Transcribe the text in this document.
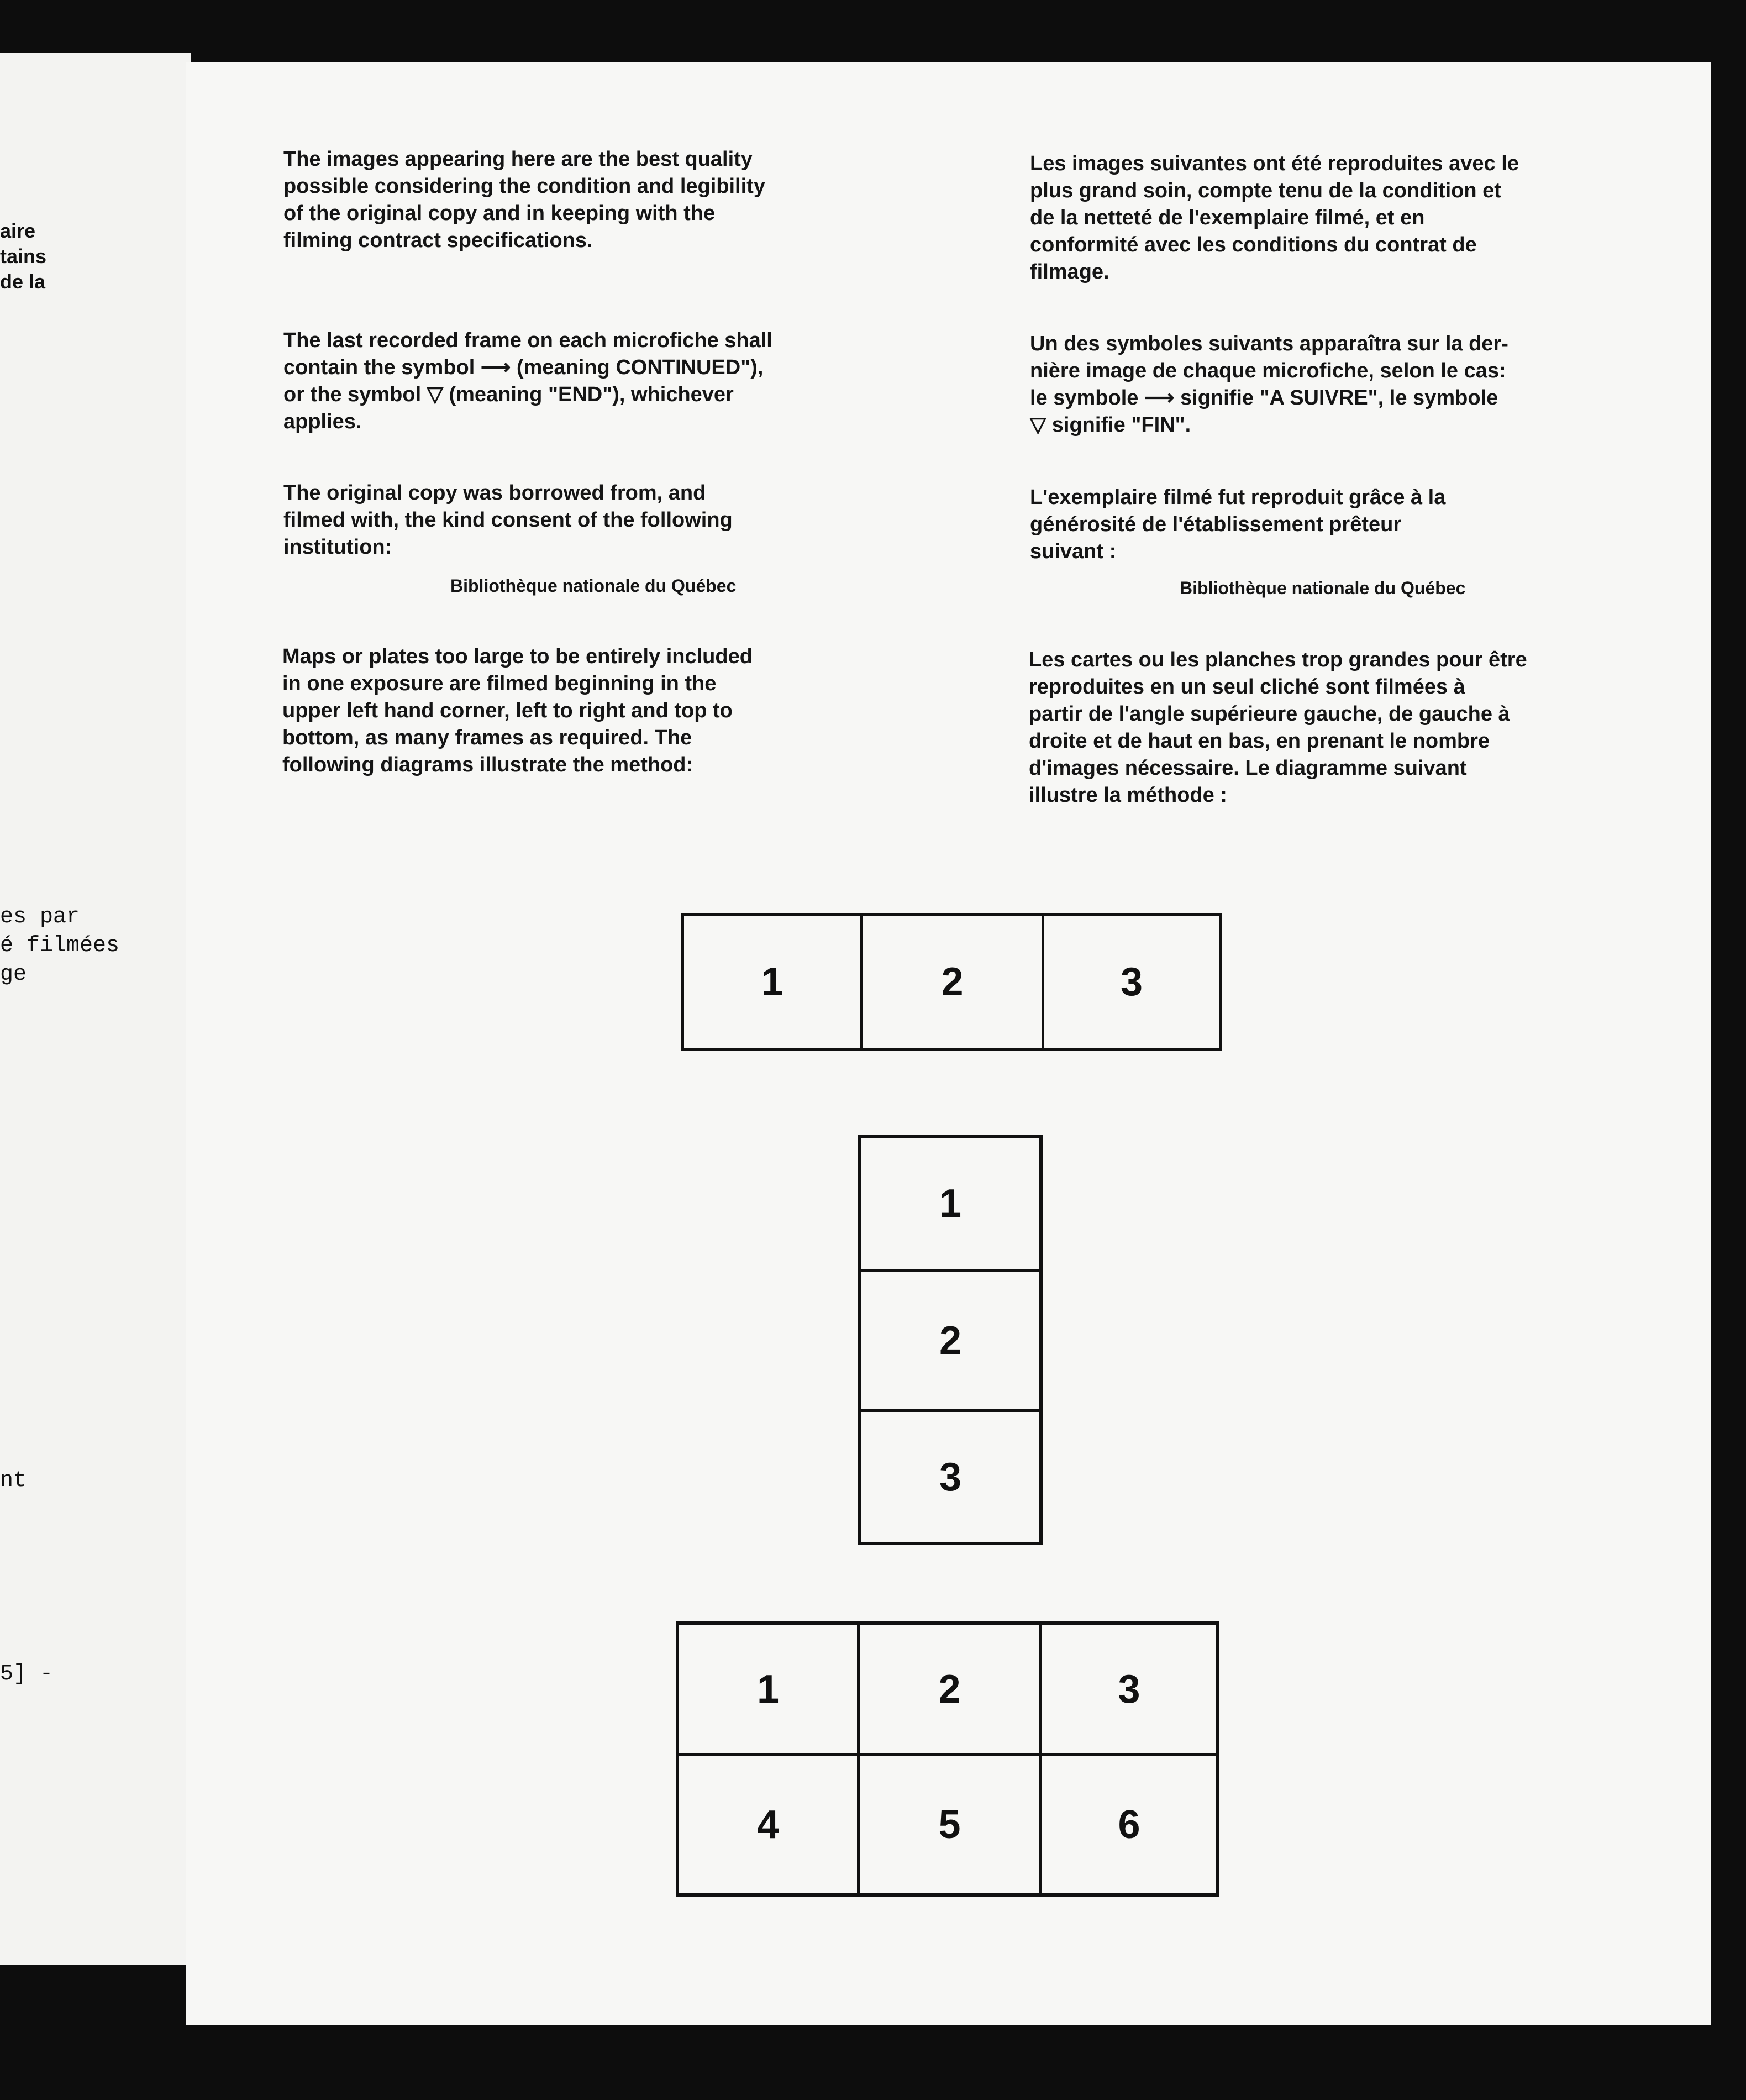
aire

tains

de la

es par

é filmées

ge

nt

5] -

The images appearing here are the best quality
possible considering the condition and legibility
of the original copy and in keeping with the
filming contract specifications.

The last recorded frame on each microfiche shall
contain the symbol ⟶ (meaning CONTINUED"),
or the symbol ▽ (meaning "END"), whichever
applies.

The original copy was borrowed from, and
filmed with, the kind consent of the following
institution:

Bibliothèque nationale du Québec

Maps or plates too large to be entirely included
in one exposure are filmed beginning in the
upper left hand corner, left to right and top to
bottom, as many frames as required. The
following diagrams illustrate the method:

Les images suivantes ont été reproduites avec le
plus grand soin, compte tenu de la condition et
de la netteté de l'exemplaire filmé, et en
conformité avec les conditions du contrat de
filmage.

Un des symboles suivants apparaîtra sur la der-
nière image de chaque microfiche, selon le cas:
le symbole ⟶ signifie "A SUIVRE", le symbole
▽ signifie "FIN".

L'exemplaire filmé fut reproduit grâce à la
générosité de l'établissement prêteur
suivant :

Bibliothèque nationale du Québec

Les cartes ou les planches trop grandes pour être
reproduites en un seul cliché sont filmées à
partir de l'angle supérieure gauche, de gauche à
droite et de haut en bas, en prenant le nombre
d'images nécessaire. Le diagramme suivant
illustre la méthode :

1	2	3
1
2
3
1	2	3
4	5	6
